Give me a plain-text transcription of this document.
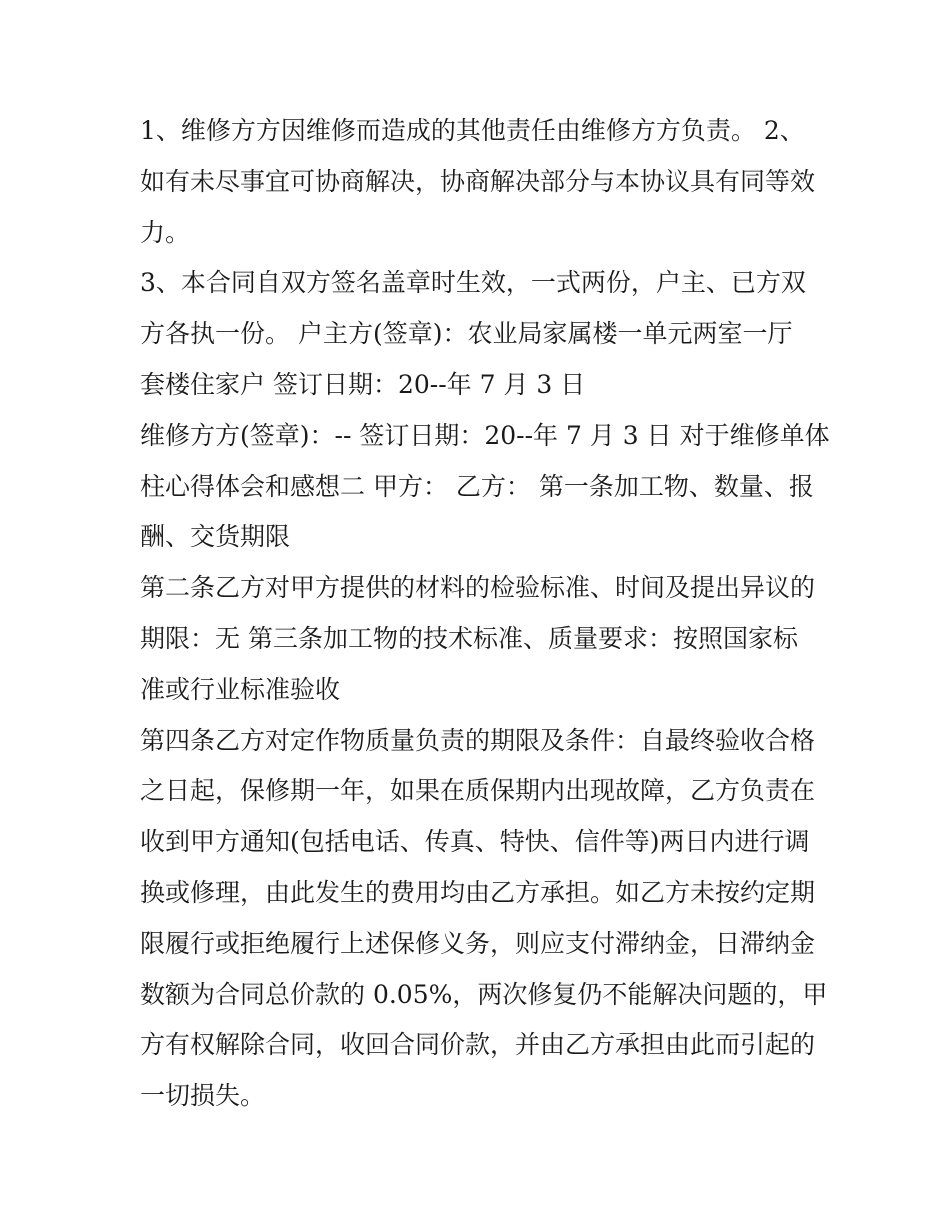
1、维修方方因维修而造成的其他责任由维修方方负责。 2、
如有未尽事宜可协商解决，协商解决部分与本协议具有同等效
力。
3、本合同自双方签名盖章时生效，一式两份，户主、已方双
方各执一份。 户主方(签章)：农业局家属楼一单元两室一厅
套楼住家户 签订日期：20--年 7 月 3 日
维修方方(签章)：-- 签订日期：20--年 7 月 3 日 对于维修单体
柱心得体会和感想二 甲方： 乙方： 第一条加工物、数量、报
酬、交货期限
第二条乙方对甲方提供的材料的检验标准、时间及提出异议的
期限：无 第三条加工物的技术标准、质量要求：按照国家标
准或行业标准验收
第四条乙方对定作物质量负责的期限及条件：自最终验收合格
之日起，保修期一年，如果在质保期内出现故障，乙方负责在
收到甲方通知(包括电话、传真、特快、信件等)两日内进行调
换或修理，由此发生的费用均由乙方承担。如乙方未按约定期
限履行或拒绝履行上述保修义务，则应支付滞纳金，日滞纳金
数额为合同总价款的 0.05%，两次修复仍不能解决问题的，甲
方有权解除合同，收回合同价款，并由乙方承担由此而引起的
一切损失。
